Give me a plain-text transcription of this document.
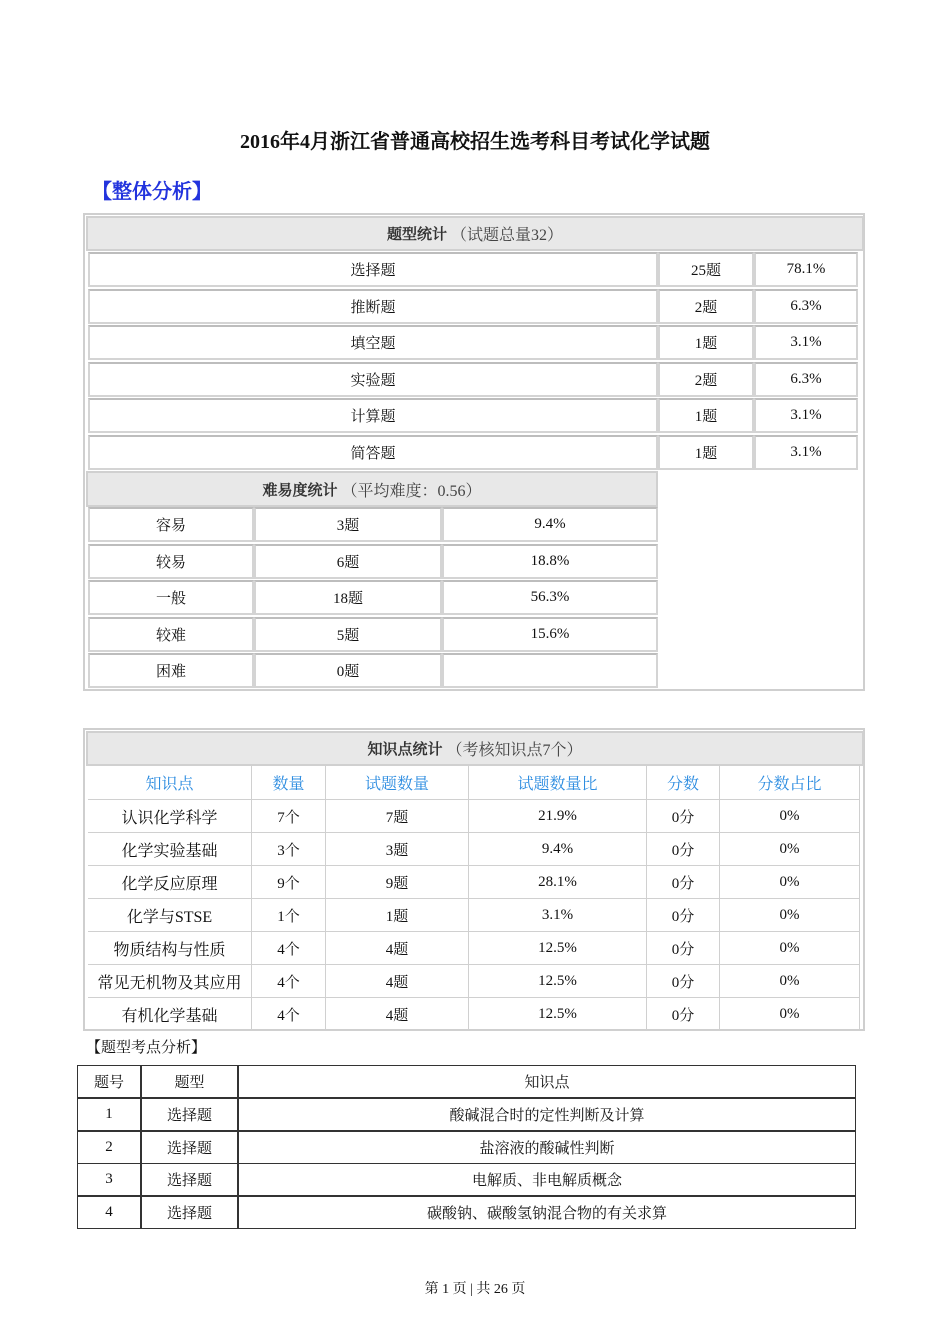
2016年4月浙江省普通高校招生选考科目考试化学试题
【整体分析】
【题型考点分析】
第 1 页 | 共 26 页
题型统计 （试题总量32）
选择题	25题	78.1%
推断题	2题	6.3%
填空题	1题	3.1%
实验题	2题	6.3%
计算题	1题	3.1%
简答题	1题	3.1%
难易度统计 （平均难度：0.56）
容易	3题	9.4%
较易	6题	18.8%
一般	18题	56.3%
较难	5题	15.6%
困难	0题
知识点统计 （考核知识点7个）
知识点	数量	试题数量	试题数量比	分数	分数占比
认识化学科学	7个	7题	21.9%	0分	0%
化学实验基础	3个	3题	9.4%	0分	0%
化学反应原理	9个	9题	28.1%	0分	0%
化学与STSE	1个	1题	3.1%	0分	0%
物质结构与性质	4个	4题	12.5%	0分	0%
常见无机物及其应用	4个	4题	12.5%	0分	0%
有机化学基础	4个	4题	12.5%	0分	0%
题号	题型	知识点
1	选择题	酸碱混合时的定性判断及计算
2	选择题	盐溶液的酸碱性判断
3	选择题	电解质、非电解质概念
4	选择题	碳酸钠、碳酸氢钠混合物的有关求算
